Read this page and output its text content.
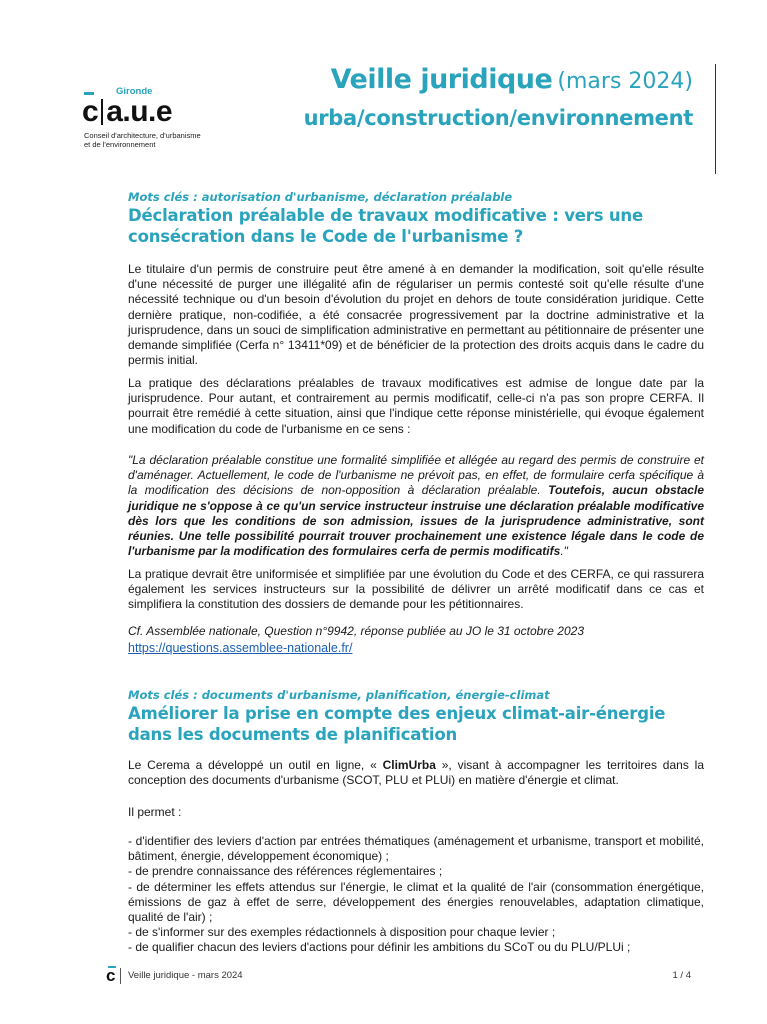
Gironde
c a.u.e
Conseil d'architecture, d'urbanisme
et de l'environnement
Veille juridique (mars 2024)
urba/construction/environnement
Mots clés : autorisation d'urbanisme, déclaration préalable
Déclaration préalable de travaux modificative : vers une consécration dans le Code de l'urbanisme ?

Le titulaire d'un permis de construire peut être amené à en demander la modification, soit qu'elle résulte d'une nécessité de purger une illégalité afin de régulariser un permis contesté soit qu'elle résulte d'une nécessité technique ou d'un besoin d'évolution du projet en dehors de toute considération juridique. Cette dernière pratique, non-codifiée, a été consacrée progressivement par la doctrine administrative et la jurisprudence, dans un souci de simplification administrative en permettant au pétitionnaire de présenter une demande simplifiée (Cerfa n° 13411*09) et de bénéficier de la protection des droits acquis dans le cadre du permis initial.

La pratique des déclarations préalables de travaux modificatives est admise de longue date par la jurisprudence. Pour autant, et contrairement au permis modificatif, celle-ci n'a pas son propre CERFA. Il pourrait être remédié à cette situation, ainsi que l'indique cette réponse ministérielle, qui évoque également une modification du code de l'urbanisme en ce sens :

"La déclaration préalable constitue une formalité simplifiée et allégée au regard des permis de construire et d'aménager. Actuellement, le code de l'urbanisme ne prévoit pas, en effet, de formulaire cerfa spécifique à la modification des décisions de non-opposition à déclaration préalable. Toutefois, aucun obstacle juridique ne s'oppose à ce qu'un service instructeur instruise une déclaration préalable modificative dès lors que les conditions de son admission, issues de la jurisprudence administrative, sont réunies. Une telle possibilité pourrait trouver prochainement une existence légale dans le code de l'urbanisme par la modification des formulaires cerfa de permis modificatifs."

La pratique devrait être uniformisée et simplifiée par une évolution du Code et des CERFA, ce qui rassurera également les services instructeurs sur la possibilité de délivrer un arrêté modificatif dans ce cas et simplifiera la constitution des dossiers de demande pour les pétitionnaires.

Cf. Assemblée nationale, Question n°9942, réponse publiée au JO le 31 octobre 2023

https://questions.assemblee-nationale.fr/
Mots clés : documents d'urbanisme, planification, énergie-climat
Améliorer la prise en compte des enjeux climat-air-énergie dans les documents de planification

Le Cerema a développé un outil en ligne, « ClimUrba », visant à accompagner les territoires dans la conception des documents d'urbanisme (SCOT, PLU et PLUi) en matière d'énergie et climat.

Il permet :

- d'identifier des leviers d'action par entrées thématiques (aménagement et urbanisme, transport et mobilité, bâtiment, énergie, développement économique) ;
- de prendre connaissance des références réglementaires ;
- de déterminer les effets attendus sur l'énergie, le climat et la qualité de l'air (consommation énergétique, émissions de gaz à effet de serre, développement des énergies renouvelables, adaptation climatique, qualité de l'air) ;
- de s'informer sur des exemples rédactionnels à disposition pour chaque levier ;
- de qualifier chacun des leviers d'actions pour définir les ambitions du SCoT ou du PLU/PLUi ;
c Veille juridique - mars 2024	1 / 4
